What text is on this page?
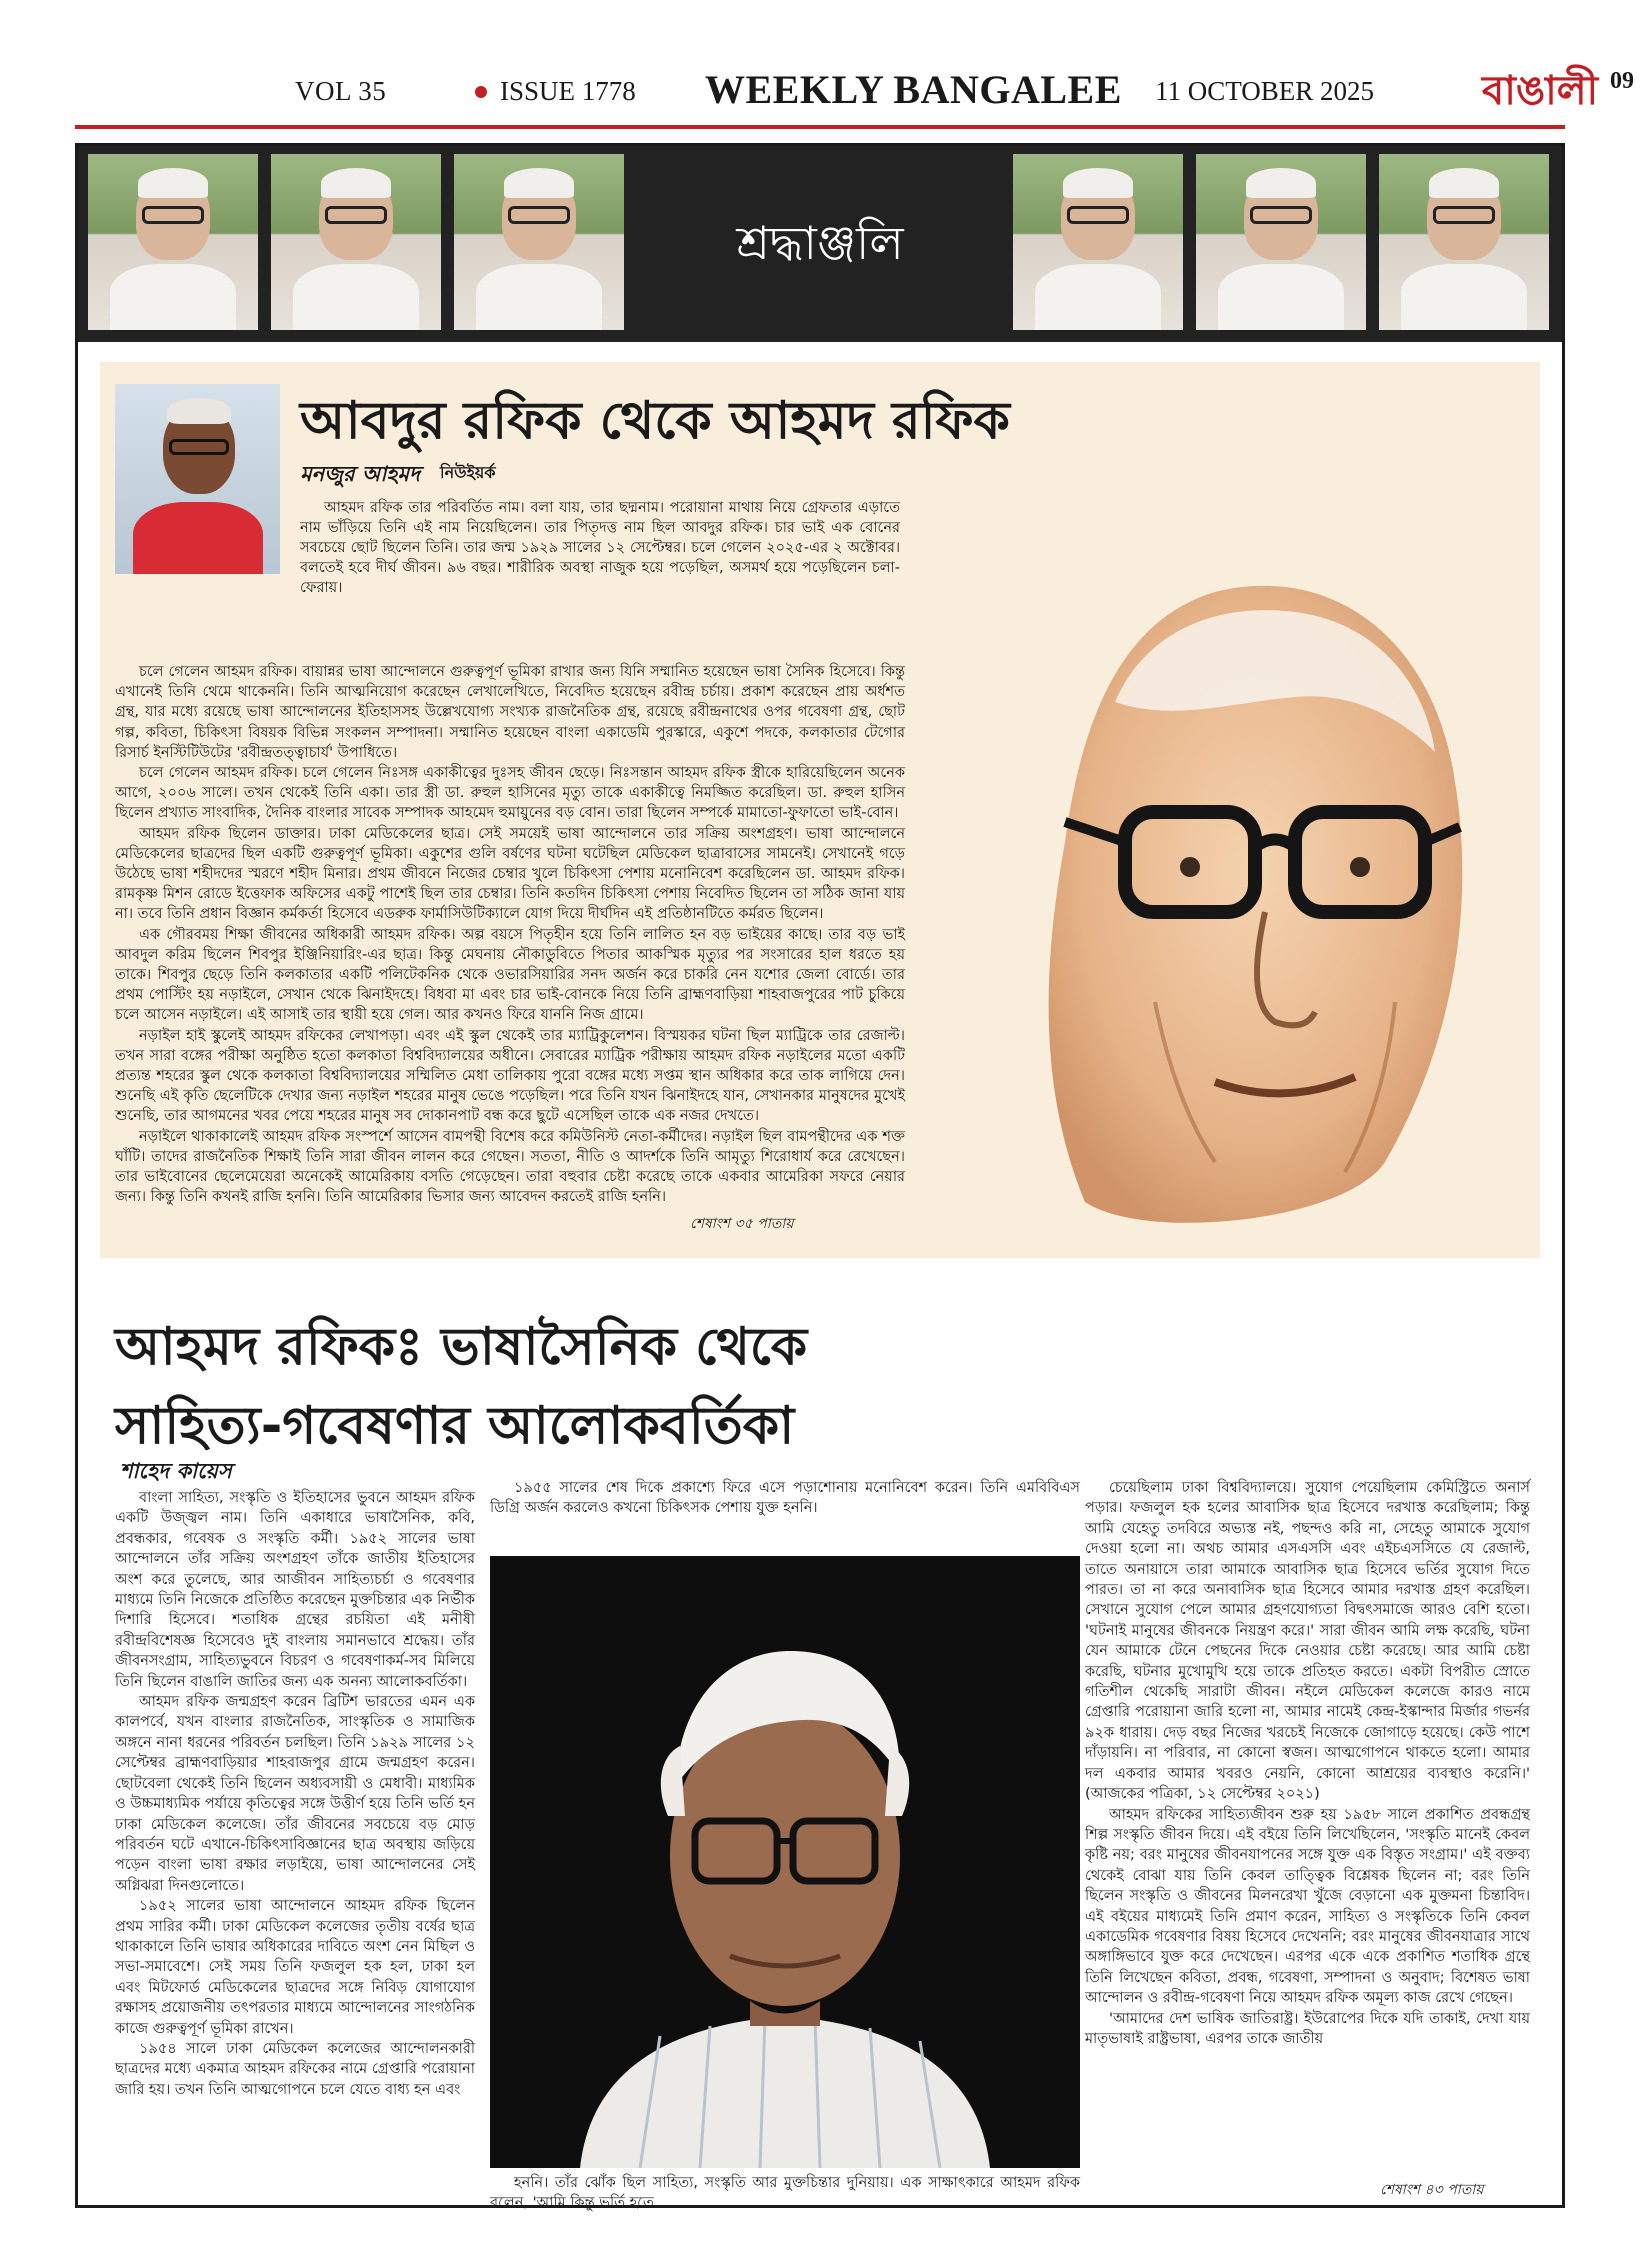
VOL 35	ISSUE 1778 WEEKLY BANGALEE 11 OCTOBER 2025	বাঙালী 09
শ্রদ্ধাঞ্জলি
আবদুর রফিক থেকে আহমদ রফিক
মনজুর আহমদ নিউইয়র্ক

আহমদ রফিক তার পরিবর্তিত নাম। বলা যায়, তার ছদ্মনাম। পরোয়ানা মাথায় নিয়ে গ্রেফতার এড়াতে নাম ভাঁড়িয়ে তিনি এই নাম নিয়েছিলেন। তার পিতৃদত্ত নাম ছিল আবদুর রফিক। চার ভাই এক বোনের সবচেয়ে ছোট ছিলেন তিনি। তার জন্ম ১৯২৯ সালের ১২ সেপ্টেম্বর। চলে গেলেন ২০২৫-এর ২ অক্টোবর। বলতেই হবে দীর্ঘ জীবন। ৯৬ বছর। শারীরিক অবস্থা নাজুক হয়ে পড়েছিল, অসমর্থ হয়ে পড়েছিলেন চলা-ফেরায়।

চলে গেলেন আহমদ রফিক। বায়ান্নর ভাষা আন্দোলনে গুরুত্বপূর্ণ ভূমিকা রাখার জন্য যিনি সম্মানিত হয়েছেন ভাষা সৈনিক হিসেবে। কিন্তু এখানেই তিনি থেমে থাকেননি। তিনি আত্মনিয়োগ করেছেন লেখালেখিতে, নিবেদিত হয়েছেন রবীন্দ্র চর্চায়। প্রকাশ করেছেন প্রায় অর্ধশত গ্রন্থ, যার মধ্যে রয়েছে ভাষা আন্দোলনের ইতিহাসসহ উল্লেখযোগ্য সংখ্যক রাজনৈতিক গ্রন্থ, রয়েছে রবীন্দ্রনাথের ওপর গবেষণা গ্রন্থ, ছোট গল্প, কবিতা, চিকিৎসা বিষয়ক বিভিন্ন সংকলন সম্পাদনা। সম্মানিত হয়েছেন বাংলা একাডেমি পুরস্কারে, একুশে পদকে, কলকাতার টেগোর রিসার্চ ইনস্টিটিউটের 'রবীন্দ্রতত্ত্বাচার্য' উপাধিতে।

চলে গেলেন আহমদ রফিক। চলে গেলেন নিঃসঙ্গ একাকীত্বের দুঃসহ জীবন ছেড়ে। নিঃসন্তান আহমদ রফিক স্ত্রীকে হারিয়েছিলেন অনেক আগে, ২০০৬ সালে। তখন থেকেই তিনি একা। তার স্ত্রী ডা. রুহুল হাসিনের মৃত্যু তাকে একাকীত্বে নিমজ্জিত করেছিল। ডা. রুহুল হাসিন ছিলেন প্রখ্যাত সাংবাদিক, দৈনিক বাংলার সাবেক সম্পাদক আহমেদ হুমায়ুনের বড় বোন। তারা ছিলেন সম্পর্কে মামাতো-ফুফাতো ভাই-বোন।

আহমদ রফিক ছিলেন ডাক্তার। ঢাকা মেডিকেলের ছাত্র। সেই সময়েই ভাষা আন্দোলনে তার সক্রিয় অংশগ্রহণ। ভাষা আন্দোলনে মেডিকেলের ছাত্রদের ছিল একটি গুরুত্বপূর্ণ ভূমিকা। একুশের গুলি বর্ষণের ঘটনা ঘটেছিল মেডিকেল ছাত্রাবাসের সামনেই। সেখানেই গড়ে উঠেছে ভাষা শহীদদের স্মরণে শহীদ মিনার। প্রথম জীবনে নিজের চেম্বার খুলে চিকিৎসা পেশায় মনোনিবেশ করেছিলেন ডা. আহমদ রফিক। রামকৃষ্ণ মিশন রোডে ইত্তেফাক অফিসের একটু পাশেই ছিল তার চেম্বার। তিনি কতদিন চিকিৎসা পেশায় নিবেদিত ছিলেন তা সঠিক জানা যায় না। তবে তিনি প্রধান বিজ্ঞান কর্মকর্তা হিসেবে এডরুক ফার্মাসিউটিক্যালে যোগ দিয়ে দীর্ঘদিন এই প্রতিষ্ঠানটিতে কর্মরত ছিলেন।

এক গৌরবময় শিক্ষা জীবনের অধিকারী আহমদ রফিক। অল্প বয়সে পিতৃহীন হয়ে তিনি লালিত হন বড় ভাইয়ের কাছে। তার বড় ভাই আবদুল করিম ছিলেন শিবপুর ইঞ্জিনিয়ারিং-এর ছাত্র। কিন্তু মেঘনায় নৌকাডুবিতে পিতার আকস্মিক মৃত্যুর পর সংসারের হাল ধরতে হয় তাকে। শিবপুর ছেড়ে তিনি কলকাতার একটি পলিটেকনিক থেকে ওভারসিয়ারির সনদ অর্জন করে চাকরি নেন যশোর জেলা বোর্ডে। তার প্রথম পোস্টিং হয় নড়াইলে, সেখান থেকে ঝিনাইদহে। বিধবা মা এবং চার ভাই-বোনকে নিয়ে তিনি ব্রাহ্মণবাড়িয়া শাহবাজপুরের পাট চুকিয়ে চলে আসেন নড়াইলে। এই আসাই তার স্থায়ী হয়ে গেল। আর কখনও ফিরে যাননি নিজ গ্রামে।

নড়াইল হাই স্কুলেই আহমদ রফিকের লেখাপড়া। এবং এই স্কুল থেকেই তার ম্যাট্রিকুলেশন। বিস্ময়কর ঘটনা ছিল ম্যাট্রিকে তার রেজাল্ট। তখন সারা বঙ্গের পরীক্ষা অনুষ্ঠিত হতো কলকাতা বিশ্ববিদ্যালয়ের অধীনে। সেবারের ম্যাট্রিক পরীক্ষায় আহমদ রফিক নড়াইলের মতো একটি প্রত্যন্ত শহরের স্কুল থেকে কলকাতা বিশ্ববিদ্যালয়ের সম্মিলিত মেধা তালিকায় পুরো বঙ্গের মধ্যে সপ্তম স্থান অধিকার করে তাক লাগিয়ে দেন। শুনেছি এই কৃতি ছেলেটিকে দেখার জন্য নড়াইল শহরের মানুষ ভেঙে পড়েছিল। পরে তিনি যখন ঝিনাইদহে যান, সেখানকার মানুষদের মুখেই শুনেছি, তার আগমনের খবর পেয়ে শহরের মানুষ সব দোকানপাট বন্ধ করে ছুটে এসেছিল তাকে এক নজর দেখতে।

নড়াইলে থাকাকালেই আহমদ রফিক সংস্পর্শে আসেন বামপন্থী বিশেষ করে কমিউনিস্ট নেতা-কর্মীদের। নড়াইল ছিল বামপন্থীদের এক শক্ত ঘাঁটি। তাদের রাজনৈতিক শিক্ষাই তিনি সারা জীবন লালন করে গেছেন। সততা, নীতি ও আদর্শকে তিনি আমৃত্যু শিরোধার্য করে রেখেছেন। তার ভাইবোনের ছেলেমেয়েরা অনেকেই আমেরিকায় বসতি গেড়েছেন। তারা বহুবার চেষ্টা করেছে তাকে একবার আমেরিকা সফরে নেয়ার জন্য। কিন্তু তিনি কখনই রাজি হননি। তিনি আমেরিকার ভিসার জন্য আবেদন করতেই রাজি হননি।

শেষাংশ ৩৫ পাতায়
আহমদ রফিকঃ ভাষাসৈনিক থেকে
সাহিত্য-গবেষণার আলোকবর্তিকা
শাহেদ কায়েস

বাংলা সাহিত্য, সংস্কৃতি ও ইতিহাসের ভুবনে আহমদ রফিক একটি উজ্জ্বল নাম। তিনি একাধারে ভাষাসৈনিক, কবি, প্রবন্ধকার, গবেষক ও সংস্কৃতি কর্মী। ১৯৫২ সালের ভাষা আন্দোলনে তাঁর সক্রিয় অংশগ্রহণ তাঁকে জাতীয় ইতিহাসের অংশ করে তুলেছে, আর আজীবন সাহিত্যচর্চা ও গবেষণার মাধ্যমে তিনি নিজেকে প্রতিষ্ঠিত করেছেন মুক্তচিন্তার এক নির্ভীক দিশারি হিসেবে। শতাধিক গ্রন্থের রচয়িতা এই মনীষী রবীন্দ্রবিশেষজ্ঞ হিসেবেও দুই বাংলায় সমানভাবে শ্রদ্ধেয়। তাঁর জীবনসংগ্রাম, সাহিত্যভুবনে বিচরণ ও গবেষণাকর্ম-সব মিলিয়ে তিনি ছিলেন বাঙালি জাতির জন্য এক অনন্য আলোকবর্তিকা।

আহমদ রফিক জন্মগ্রহণ করেন ব্রিটিশ ভারতের এমন এক কালপর্বে, যখন বাংলার রাজনৈতিক, সাংস্কৃতিক ও সামাজিক অঙ্গনে নানা ধরনের পরিবর্তন চলছিল। তিনি ১৯২৯ সালের ১২ সেপ্টেম্বর ব্রাহ্মণবাড়িয়ার শাহবাজপুর গ্রামে জন্মগ্রহণ করেন। ছোটবেলা থেকেই তিনি ছিলেন অধ্যবসায়ী ও মেধাবী। মাধ্যমিক ও উচ্চমাধ্যমিক পর্যায়ে কৃতিত্বের সঙ্গে উত্তীর্ণ হয়ে তিনি ভর্তি হন ঢাকা মেডিকেল কলেজে। তাঁর জীবনের সবচেয়ে বড় মোড় পরিবর্তন ঘটে এখানে-চিকিৎসাবিজ্ঞানের ছাত্র অবস্থায় জড়িয়ে পড়েন বাংলা ভাষা রক্ষার লড়াইয়ে, ভাষা আন্দোলনের সেই অগ্নিঝরা দিনগুলোতে।

১৯৫২ সালের ভাষা আন্দোলনে আহমদ রফিক ছিলেন প্রথম সারির কর্মী। ঢাকা মেডিকেল কলেজের তৃতীয় বর্ষের ছাত্র থাকাকালে তিনি ভাষার অধিকারের দাবিতে অংশ নেন মিছিল ও সভা-সমাবেশে। সেই সময় তিনি ফজলুল হক হল, ঢাকা হল এবং মিটফোর্ড মেডিকেলের ছাত্রদের সঙ্গে নিবিড় যোগাযোগ রক্ষাসহ প্রয়োজনীয় তৎপরতার মাধ্যমে আন্দোলনের সাংগঠনিক কাজে গুরুত্বপূর্ণ ভূমিকা রাখেন।

১৯৫৪ সালে ঢাকা মেডিকেল কলেজের আন্দোলনকারী ছাত্রদের মধ্যে একমাত্র আহমদ রফিকের নামে গ্রেপ্তারি পরোয়ানা জারি হয়। তখন তিনি আত্মগোপনে চলে যেতে বাধ্য হন এবং

১৯৫৫ সালের শেষ দিকে প্রকাশ্যে ফিরে এসে পড়াশোনায় মনোনিবেশ করেন। তিনি এমবিবিএস ডিগ্রি অর্জন করলেও কখনো চিকিৎসক পেশায় যুক্ত হননি।

হননি। তাঁর ঝোঁক ছিল সাহিত্য, সংস্কৃতি আর মুক্তচিন্তার দুনিয়ায়। এক সাক্ষাৎকারে আহমদ রফিক বলেন, 'আমি কিন্তু ভর্তি হতে

চেয়েছিলাম ঢাকা বিশ্ববিদ্যালয়ে। সুযোগ পেয়েছিলাম কেমিস্ট্রিতে অনার্স পড়ার। ফজলুল হক হলের আবাসিক ছাত্র হিসেবে দরখাস্ত করেছিলাম; কিন্তু আমি যেহেতু তদবিরে অভ্যস্ত নই, পছন্দও করি না, সেহেতু আমাকে সুযোগ দেওয়া হলো না। অথচ আমার এসএসসি এবং এইচএসসিতে যে রেজাল্ট, তাতে অনায়াসে তারা আমাকে আবাসিক ছাত্র হিসেবে ভর্তির সুযোগ দিতে পারত। তা না করে অনাবাসিক ছাত্র হিসেবে আমার দরখাস্ত গ্রহণ করেছিল। সেখানে সুযোগ পেলে আমার গ্রহণযোগ্যতা বিদ্বৎসমাজে আরও বেশি হতো। 'ঘটনাই মানুষের জীবনকে নিয়ন্ত্রণ করে।' সারা জীবন আমি লক্ষ করেছি, ঘটনা যেন আমাকে টেনে পেছনের দিকে নেওয়ার চেষ্টা করেছে। আর আমি চেষ্টা করেছি, ঘটনার মুখোমুখি হয়ে তাকে প্রতিহত করতে। একটা বিপরীত স্রোতে গতিশীল থেকেছি সারাটা জীবন। নইলে মেডিকেল কলেজে কারও নামে গ্রেপ্তারি পরোয়ানা জারি হলো না, আমার নামেই কেন্দ্র-ইস্কান্দার মির্জার গভর্নর ৯২ক ধারায়। দেড় বছর নিজের খরচেই নিজেকে জোগাড়ে হয়েছে। কেউ পাশে দাঁড়ায়নি। না পরিবার, না কোনো স্বজন। আত্মগোপনে থাকতে হলো। আমার দল একবার আমার খবরও নেয়নি, কোনো আশ্রয়ের ব্যবস্থাও করেনি।' (আজকের পত্রিকা, ১২ সেপ্টেম্বর ২০২১)

আহমদ রফিকের সাহিত্যজীবন শুরু হয় ১৯৫৮ সালে প্রকাশিত প্রবন্ধগ্রন্থ শিল্প সংস্কৃতি জীবন দিয়ে। এই বইয়ে তিনি লিখেছিলেন, 'সংস্কৃতি মানেই কেবল কৃষ্টি নয়; বরং মানুষের জীবনযাপনের সঙ্গে যুক্ত এক বিস্তৃত সংগ্রাম।' এই বক্তব্য থেকেই বোঝা যায় তিনি কেবল তাত্ত্বিক বিশ্লেষক ছিলেন না; বরং তিনি ছিলেন সংস্কৃতি ও জীবনের মিলনরেখা খুঁজে বেড়ানো এক মুক্তমনা চিন্তাবিদ। এই বইয়ের মাধ্যমেই তিনি প্রমাণ করেন, সাহিত্য ও সংস্কৃতিকে তিনি কেবল একাডেমিক গবেষণার বিষয় হিসেবে দেখেননি; বরং মানুষের জীবনযাত্রার সাথে অঙ্গাঙ্গিভাবে যুক্ত করে দেখেছেন। এরপর একে একে প্রকাশিত শতাধিক গ্রন্থে তিনি লিখেছেন কবিতা, প্রবন্ধ, গবেষণা, সম্পাদনা ও অনুবাদ; বিশেষত ভাষা আন্দোলন ও রবীন্দ্র-গবেষণা নিয়ে আহমদ রফিক অমূল্য কাজ রেখে গেছেন।

'আমাদের দেশ ভাষিক জাতিরাষ্ট্র। ইউরোপের দিকে যদি তাকাই, দেখা যায় মাতৃভাষাই রাষ্ট্রভাষা, এরপর তাকে জাতীয়

শেষাংশ ৪৩ পাতায়
